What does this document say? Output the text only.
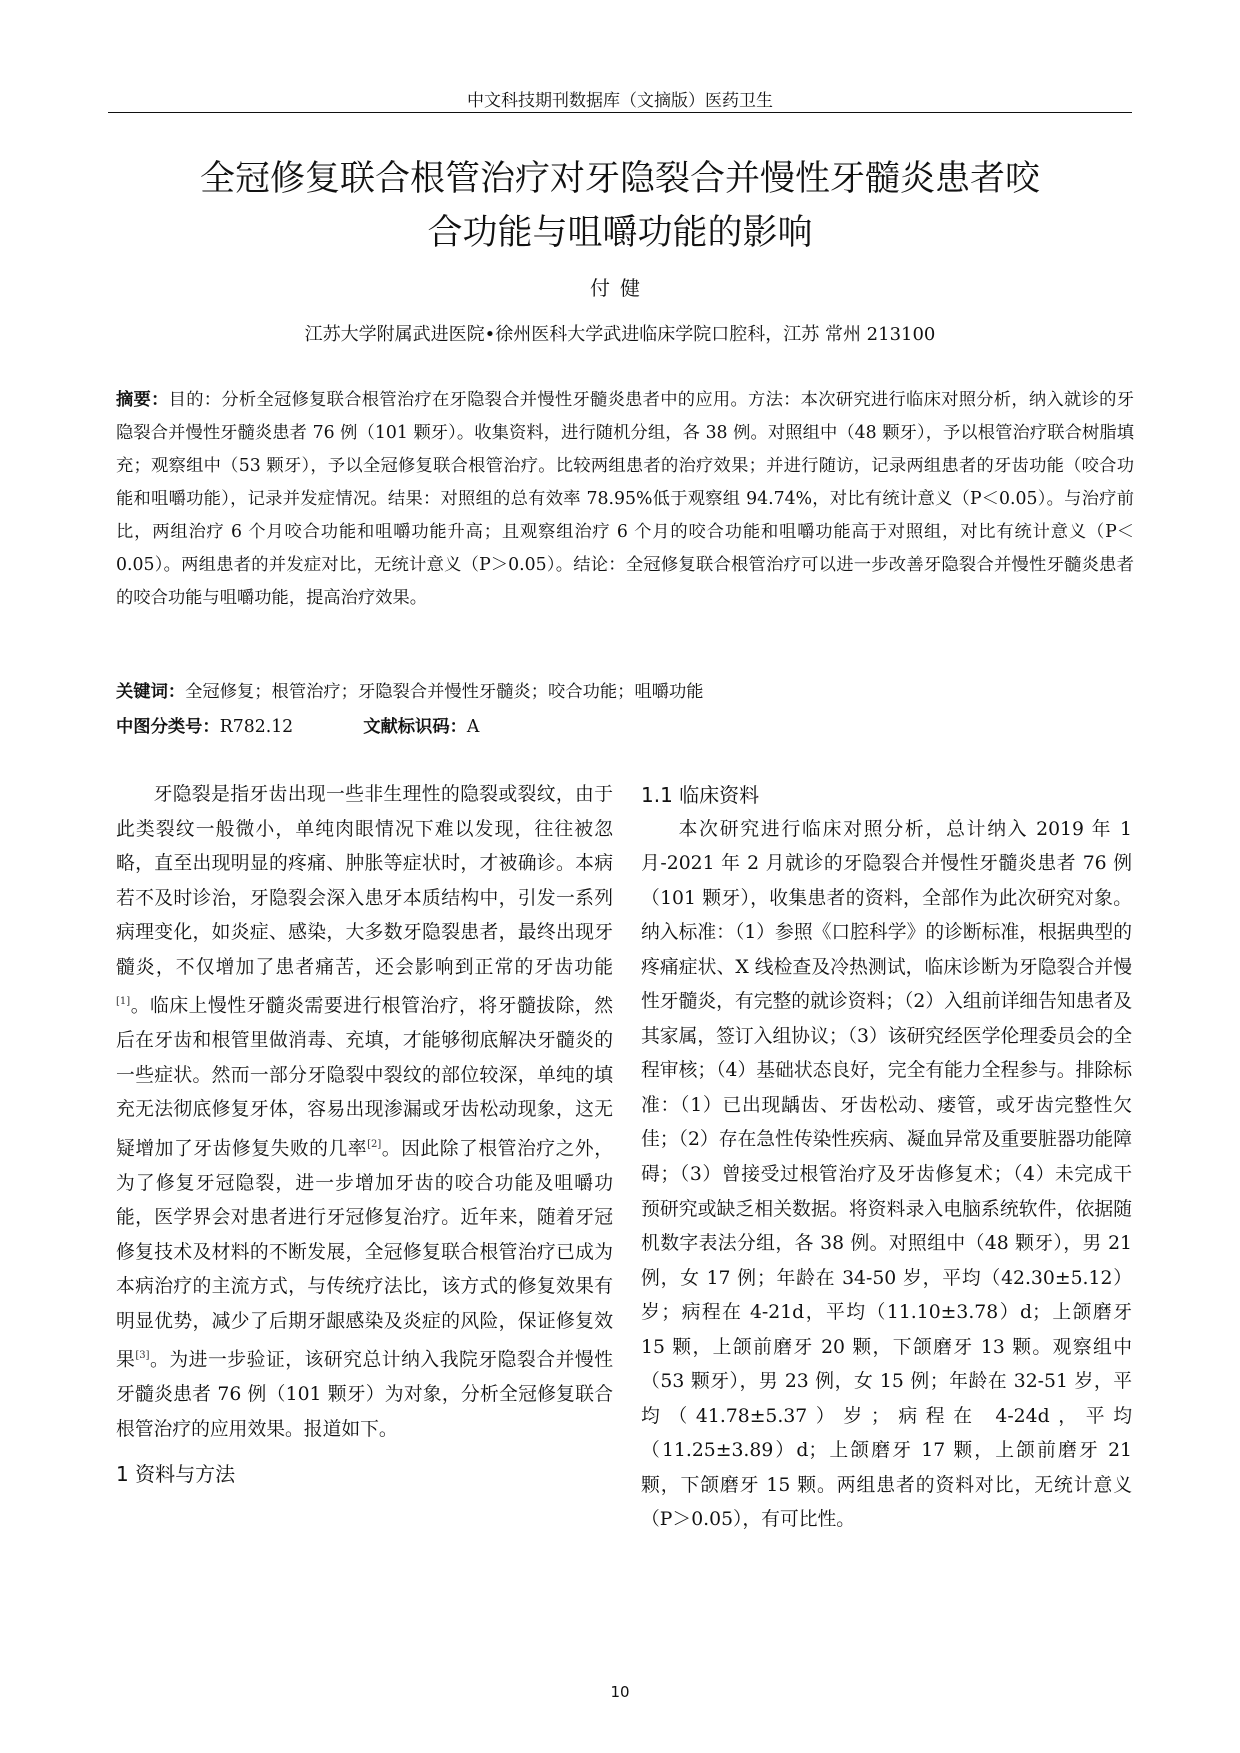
中文科技期刊数据库（文摘版）医药卫生
全冠修复联合根管治疗对牙隐裂合并慢性牙髓炎患者咬
合功能与咀嚼功能的影响
付健
江苏大学附属武进医院•徐州医科大学武进临床学院口腔科，江苏 常州 213100
摘要：目的：分析全冠修复联合根管治疗在牙隐裂合并慢性牙髓炎患者中的应用。方法：本次研究进行临床对照分析，纳入就诊的牙隐裂合并慢性牙髓炎患者 76 例（101 颗牙）。收集资料，进行随机分组，各 38 例。对照组中（48 颗牙），予以根管治疗联合树脂填充；观察组中（53 颗牙），予以全冠修复联合根管治疗。比较两组患者的治疗效果；并进行随访，记录两组患者的牙齿功能（咬合功能和咀嚼功能），记录并发症情况。结果：对照组的总有效率 78.95%低于观察组 94.74%，对比有统计意义（P＜0.05）。与治疗前比，两组治疗 6 个月咬合功能和咀嚼功能升高；且观察组治疗 6 个月的咬合功能和咀嚼功能高于对照组，对比有统计意义（P＜0.05）。两组患者的并发症对比，无统计意义（P＞0.05）。结论：全冠修复联合根管治疗可以进一步改善牙隐裂合并慢性牙髓炎患者的咬合功能与咀嚼功能，提高治疗效果。
关键词：全冠修复；根管治疗；牙隐裂合并慢性牙髓炎；咬合功能；咀嚼功能
中图分类号：R782.12	文献标识码：A

牙隐裂是指牙齿出现一些非生理性的隐裂或裂纹，由于此类裂纹一般微小，单纯肉眼情况下难以发现，往往被忽略，直至出现明显的疼痛、肿胀等症状时，才被确诊。本病若不及时诊治，牙隐裂会深入患牙本质结构中，引发一系列病理变化，如炎症、感染，大多数牙隐裂患者，最终出现牙髓炎，不仅增加了患者痛苦，还会影响到正常的牙齿功能[1]。临床上慢性牙髓炎需要进行根管治疗，将牙髓拔除，然后在牙齿和根管里做消毒、充填，才能够彻底解决牙髓炎的一些症状。然而一部分牙隐裂中裂纹的部位较深，单纯的填充无法彻底修复牙体，容易出现渗漏或牙齿松动现象，这无疑增加了牙齿修复失败的几率[2]。因此除了根管治疗之外，为了修复牙冠隐裂，进一步增加牙齿的咬合功能及咀嚼功能，医学界会对患者进行牙冠修复治疗。近年来，随着牙冠修复技术及材料的不断发展，全冠修复联合根管治疗已成为本病治疗的主流方式，与传统疗法比，该方式的修复效果有明显优势，减少了后期牙龈感染及炎症的风险，保证修复效果[3]。为进一步验证，该研究总计纳入我院牙隐裂合并慢性牙髓炎患者 76 例（101 颗牙）为对象，分析全冠修复联合根管治疗的应用效果。报道如下。

1 资料与方法
1.1 临床资料

本次研究进行临床对照分析，总计纳入 2019 年 1 月-2021 年 2 月就诊的牙隐裂合并慢性牙髓炎患者 76 例（101 颗牙），收集患者的资料，全部作为此次研究对象。纳入标准：（1）参照《口腔科学》的诊断标准，根据典型的疼痛症状、X 线检查及冷热测试，临床诊断为牙隐裂合并慢性牙髓炎，有完整的就诊资料；（2）入组前详细告知患者及其家属，签订入组协议；（3）该研究经医学伦理委员会的全程审核；（4）基础状态良好，完全有能力全程参与。排除标准：（1）已出现龋齿、牙齿松动、瘘管，或牙齿完整性欠佳；（2）存在急性传染性疾病、凝血异常及重要脏器功能障碍；（3）曾接受过根管治疗及牙齿修复术；（4）未完成干预研究或缺乏相关数据。将资料录入电脑系统软件，依据随机数字表法分组，各 38 例。对照组中（48 颗牙），男 21 例，女 17 例；年龄在 34-50 岁，平均（42.30±5.12）岁；病程在 4-21d，平均（11.10±3.78）d；上颌磨牙 15 颗，上颌前磨牙 20 颗，下颌磨牙 13 颗。观察组中（53 颗牙），男 23 例，女 15 例；年龄在 32-51 岁，平均（41.78±5.37）岁；病程在 4-24d，平均（11.25±3.89）d；上颌磨牙 17 颗，上颌前磨牙 21 颗，下颌磨牙 15 颗。两组患者的资料对比，无统计意义（P＞0.05），有可比性。

10
